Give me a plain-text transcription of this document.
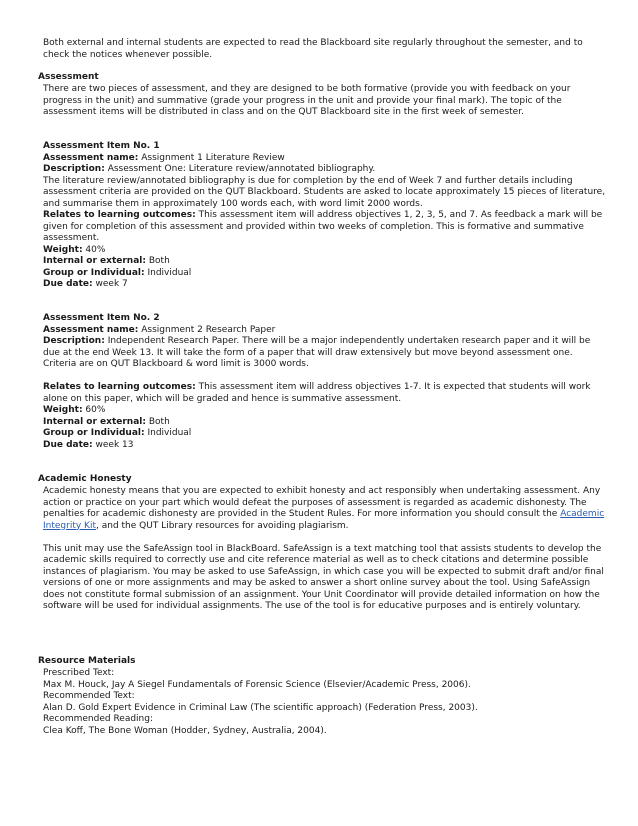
Both external and internal students are expected to read the Blackboard site regularly throughout the semester, and to check the notices whenever possible.

Assessment

There are two pieces of assessment, and they are designed to be both formative (provide you with feedback on your progress in the unit) and summative (grade your progress in the unit and provide your final mark). The topic of the assessment items will be distributed in class and on the QUT Blackboard site in the first week of semester.

Assessment Item No. 1
Assessment name: Assignment 1 Literature Review
Description: Assessment One: Literature review/annotated bibliography.
The literature review/annotated bibliography is due for completion by the end of Week 7 and further details including assessment criteria are provided on the QUT Blackboard. Students are asked to locate approximately 15 pieces of literature, and summarise them in approximately 100 words each, with word limit 2000 words.
Relates to learning outcomes: This assessment item will address objectives 1, 2, 3, 5, and 7. As feedback a mark will be given for completion of this assessment and provided within two weeks of completion. This is formative and summative assessment.
Weight: 40%
Internal or external: Both
Group or Individual: Individual
Due date: week 7
Assessment Item No. 2
Assessment name: Assignment 2 Research Paper
Description: Independent Research Paper. There will be a major independently undertaken research paper and it will be due at the end Week 13. It will take the form of a paper that will draw extensively but move beyond assessment one. Criteria are on QUT Blackboard & word limit is 3000 words.
Relates to learning outcomes: This assessment item will address objectives 1-7. It is expected that students will work alone on this paper, which will be graded and hence is summative assessment.
Weight: 60%
Internal or external: Both
Group or Individual: Individual
Due date: week 13
Academic Honesty

Academic honesty means that you are expected to exhibit honesty and act responsibly when undertaking assessment. Any action or practice on your part which would defeat the purposes of assessment is regarded as academic dishonesty. The penalties for academic dishonesty are provided in the Student Rules. For more information you should consult the Academic Integrity Kit, and the QUT Library resources for avoiding plagiarism.

This unit may use the SafeAssign tool in BlackBoard. SafeAssign is a text matching tool that assists students to develop the academic skills required to correctly use and cite reference material as well as to check citations and determine possible instances of plagiarism. You may be asked to use SafeAssign, in which case you will be expected to submit draft and/or final versions of one or more assignments and may be asked to answer a short online survey about the tool. Using SafeAssign does not constitute formal submission of an assignment. Your Unit Coordinator will provide detailed information on how the software will be used for individual assignments. The use of the tool is for educative purposes and is entirely voluntary.

Resource Materials
Prescribed Text:
Max M. Houck, Jay A Siegel Fundamentals of Forensic Science (Elsevier/Academic Press, 2006).
Recommended Text:
Alan D. Gold Expert Evidence in Criminal Law (The scientific approach) (Federation Press, 2003).
Recommended Reading:
Clea Koff, The Bone Woman (Hodder, Sydney, Australia, 2004).
